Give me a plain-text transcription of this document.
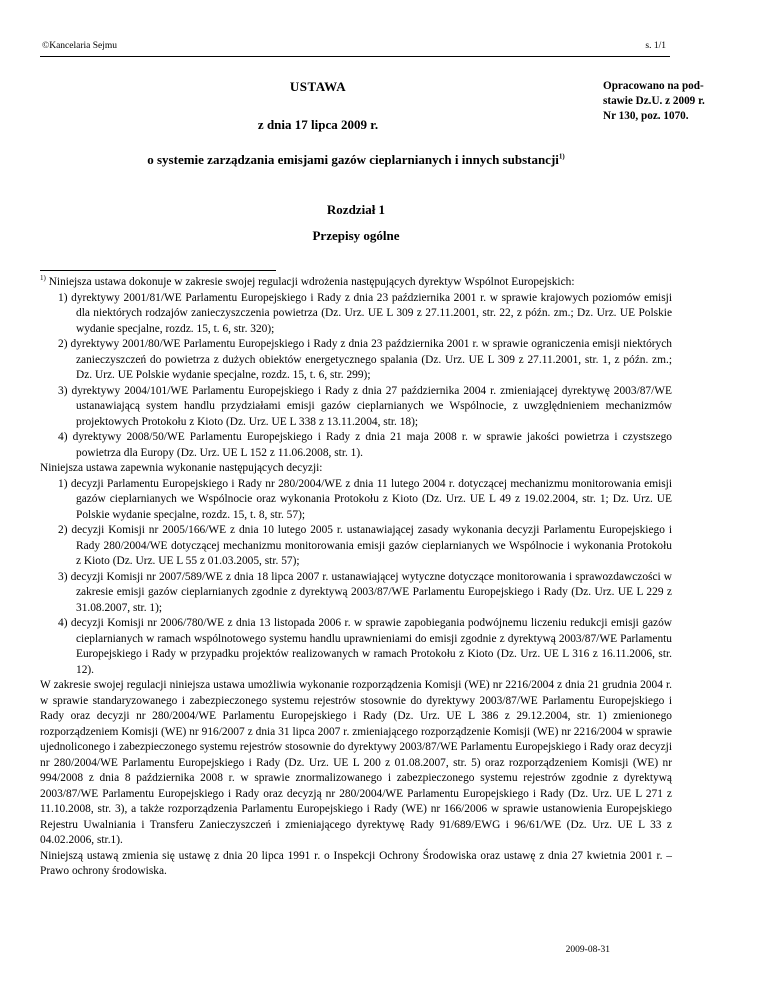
©Kancelaria Sejmu	s. 1/1
USTAWA
z dnia 17 lipca 2009 r.
Opracowano na pod-
stawie Dz.U. z 2009 r.
Nr 130, poz. 1070.
o systemie zarządzania emisjami gazów cieplarnianych i innych substancji$^{1)}$
Rozdział 1
Przepisy ogólne

$^{1)}$ Niniejsza ustawa dokonuje w zakresie swojej regulacji wdrożenia następujących dyrektyw Wspólnot Europejskich:

1) dyrektywy 2001/81/WE Parlamentu Europejskiego i Rady z dnia 23 października 2001 r. w sprawie krajowych poziomów emisji dla niektórych rodzajów zanieczyszczenia powietrza (Dz. Urz. UE L 309 z 27.11.2001, str. 22, z późn. zm.; Dz. Urz. UE Polskie wydanie specjalne, rozdz. 15, t. 6, str. 320);

2) dyrektywy 2001/80/WE Parlamentu Europejskiego i Rady z dnia 23 października 2001 r. w sprawie ograniczenia emisji niektórych zanieczyszczeń do powietrza z dużych obiektów energetycznego spalania (Dz. Urz. UE L 309 z 27.11.2001, str. 1, z późn. zm.; Dz. Urz. UE Polskie wydanie specjalne, rozdz. 15, t. 6, str. 299);

3) dyrektywy 2004/101/WE Parlamentu Europejskiego i Rady z dnia 27 października 2004 r. zmieniającej dyrektywę 2003/87/WE ustanawiającą system handlu przydziałami emisji gazów cieplarnianych we Wspólnocie, z uwzględnieniem mechanizmów projektowych Protokołu z Kioto (Dz. Urz. UE L 338 z 13.11.2004, str. 18);

4) dyrektywy 2008/50/WE Parlamentu Europejskiego i Rady z dnia 21 maja 2008 r. w sprawie jakości powietrza i czystszego powietrza dla Europy (Dz. Urz. UE L 152 z 11.06.2008, str. 1).

Niniejsza ustawa zapewnia wykonanie następujących decyzji:

1) decyzji Parlamentu Europejskiego i Rady nr 280/2004/WE z dnia 11 lutego 2004 r. dotyczącej mechanizmu monitorowania emisji gazów cieplarnianych we Wspólnocie oraz wykonania Protokołu z Kioto (Dz. Urz. UE L 49 z 19.02.2004, str. 1; Dz. Urz. UE Polskie wydanie specjalne, rozdz. 15, t. 8, str. 57);

2) decyzji Komisji nr 2005/166/WE z dnia 10 lutego 2005 r. ustanawiającej zasady wykonania decyzji Parlamentu Europejskiego i Rady 280/2004/WE dotyczącej mechanizmu monitorowania emisji gazów cieplarnianych we Wspólnocie i wykonania Protokołu z Kioto (Dz. Urz. UE L 55 z 01.03.2005, str. 57);

3) decyzji Komisji nr 2007/589/WE z dnia 18 lipca 2007 r. ustanawiającej wytyczne dotyczące monitorowania i sprawozdawczości w zakresie emisji gazów cieplarnianych zgodnie z dyrektywą 2003/87/WE Parlamentu Europejskiego i Rady (Dz. Urz. UE L 229 z 31.08.2007, str. 1);

4) decyzji Komisji nr 2006/780/WE z dnia 13 listopada 2006 r. w sprawie zapobiegania podwójnemu liczeniu redukcji emisji gazów cieplarnianych w ramach wspólnotowego systemu handlu uprawnieniami do emisji zgodnie z dyrektywą 2003/87/WE Parlamentu Europejskiego i Rady w przypadku projektów realizowanych w ramach Protokołu z Kioto (Dz. Urz. UE L 316 z 16.11.2006, str. 12).

W zakresie swojej regulacji niniejsza ustawa umożliwia wykonanie rozporządzenia Komisji (WE) nr 2216/2004 z dnia 21 grudnia 2004 r. w sprawie standaryzowanego i zabezpieczonego systemu rejestrów stosownie do dyrektywy 2003/87/WE Parlamentu Europejskiego i Rady oraz decyzji nr 280/2004/WE Parlamentu Europejskiego i Rady (Dz. Urz. UE L 386 z 29.12.2004, str. 1) zmienionego rozporządzeniem Komisji (WE) nr 916/2007 z dnia 31 lipca 2007 r. zmieniającego rozporządzenie Komisji (WE) nr 2216/2004 w sprawie ujednoliconego i zabezpieczonego systemu rejestrów stosownie do dyrektywy 2003/87/WE Parlamentu Europejskiego i Rady oraz decyzji nr 280/2004/WE Parlamentu Europejskiego i Rady (Dz. Urz. UE L 200 z 01.08.2007, str. 5) oraz rozporządzeniem Komisji (WE) nr 994/2008 z dnia 8 października 2008 r. w sprawie znormalizowanego i zabezpieczonego systemu rejestrów zgodnie z dyrektywą 2003/87/WE Parlamentu Europejskiego i Rady oraz decyzją nr 280/2004/WE Parlamentu Europejskiego i Rady (Dz. Urz. UE L 271 z 11.10.2008, str. 3), a także rozporządzenia Parlamentu Europejskiego i Rady (WE) nr 166/2006 w sprawie ustanowienia Europejskiego Rejestru Uwalniania i Transferu Zanieczyszczeń i zmieniającego dyrektywę Rady 91/689/EWG i 96/61/WE (Dz. Urz. UE L 33 z 04.02.2006, str.1).

Niniejszą ustawą zmienia się ustawę z dnia 20 lipca 1991 r. o Inspekcji Ochrony Środowiska oraz ustawę z dnia 27 kwietnia 2001 r. – Prawo ochrony środowiska.

2009-08-31
